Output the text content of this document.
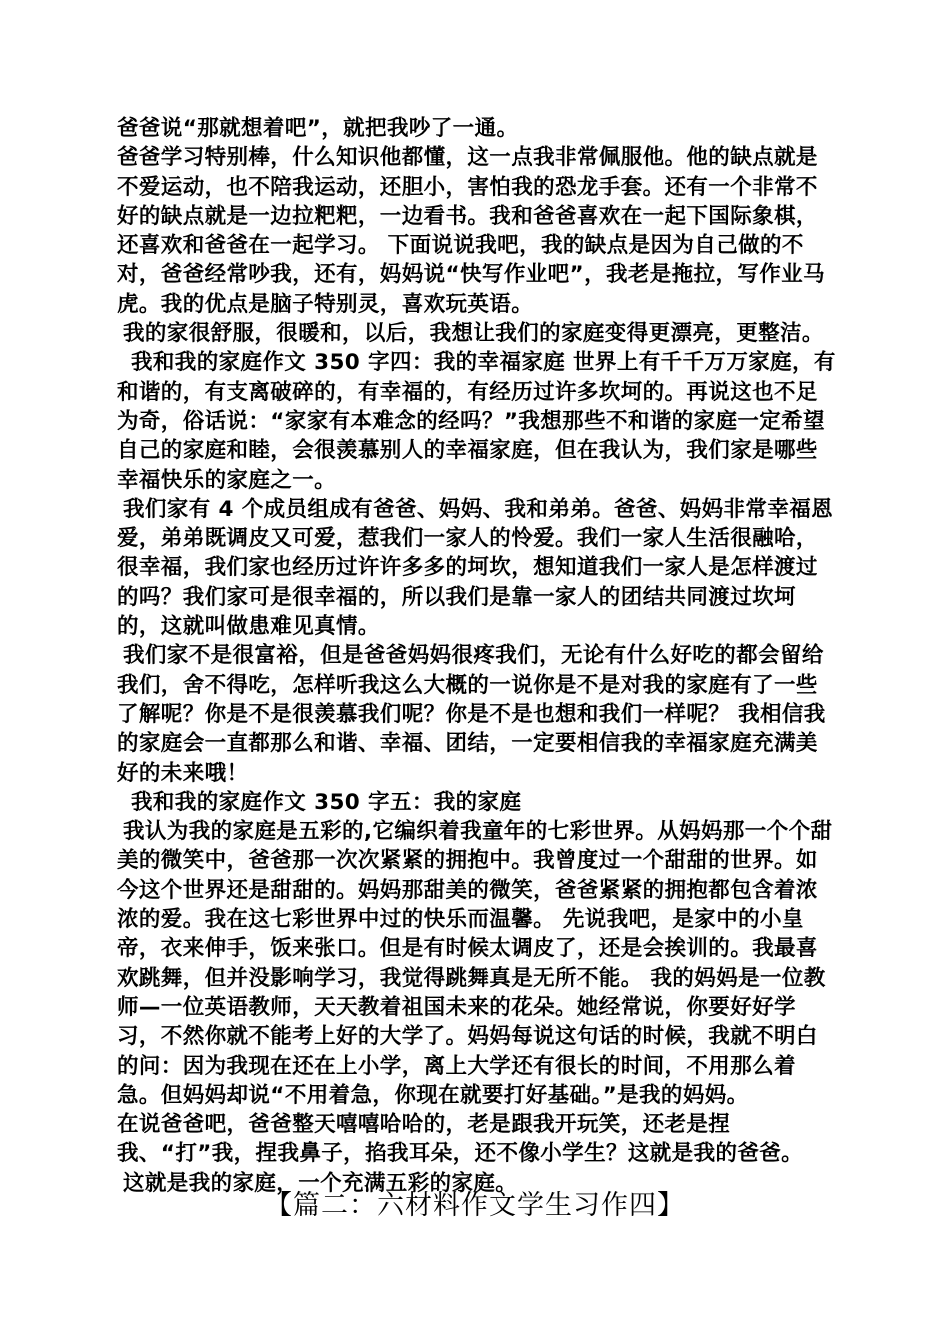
爸爸说“那就想着吧”，就把我吵了一通。

爸爸学习特别棒，什么知识他都懂，这一点我非常佩服他。他的缺点就是不爱运动，也不陪我运动，还胆小，害怕我的恐龙手套。还有一个非常不好的缺点就是一边拉粑粑，一边看书。我和爸爸喜欢在一起下国际象棋，还喜欢和爸爸在一起学习。 下面说说我吧，我的缺点是因为自己做的不对，爸爸经常吵我，还有，妈妈说“快写作业吧”，我老是拖拉，写作业马虎。我的优点是脑子特别灵，喜欢玩英语。

我的家很舒服，很暖和，以后，我想让我们的家庭变得更漂亮，更整洁。

我和我的家庭作文 350 字四：我的幸福家庭 世界上有千千万万家庭，有和谐的，有支离破碎的，有幸福的，有经历过许多坎坷的。再说这也不足为奇，俗话说：“家家有本难念的经吗？”我想那些不和谐的家庭一定希望自己的家庭和睦，会很羡慕别人的幸福家庭，但在我认为，我们家是哪些幸福快乐的家庭之一。

我们家有 4 个成员组成有爸爸、妈妈、我和弟弟。爸爸、妈妈非常幸福恩爱，弟弟既调皮又可爱，惹我们一家人的怜爱。我们一家人生活很融哈，很幸福，我们家也经历过许许多多的坷坎，想知道我们一家人是怎样渡过的吗？我们家可是很幸福的，所以我们是靠一家人的团结共同渡过坎坷的，这就叫做患难见真情。

我们家不是很富裕，但是爸爸妈妈很疼我们，无论有什么好吃的都会留给我们，舍不得吃，怎样听我这么大概的一说你是不是对我的家庭有了一些了解呢？你是不是很羡慕我们呢？你是不是也想和我们一样呢？ 我相信我的家庭会一直都那么和谐、幸福、团结，一定要相信我的幸福家庭充满美好的未来哦！

我和我的家庭作文 350 字五：我的家庭

我认为我的家庭是五彩的,它编织着我童年的七彩世界。从妈妈那一个个甜美的微笑中，爸爸那一次次紧紧的拥抱中。我曾度过一个甜甜的世界。如今这个世界还是甜甜的。妈妈那甜美的微笑，爸爸紧紧的拥抱都包含着浓浓的爱。我在这七彩世界中过的快乐而温馨。 先说我吧，是家中的小皇帝，衣来伸手，饭来张口。但是有时候太调皮了，还是会挨训的。我最喜欢跳舞，但并没影响学习，我觉得跳舞真是无所不能。 我的妈妈是一位教师—一位英语教师，天天教着祖国未来的花朵。她经常说，你要好好学习，不然你就不能考上好的大学了。妈妈每说这句话的时候，我就不明白的问：因为我现在还在上小学，离上大学还有很长的时间，不用那么着急。但妈妈却说“不用着急，你现在就要打好基础。”是我的妈妈。

在说爸爸吧，爸爸整天嘻嘻哈哈的，老是跟我开玩笑，还老是捏我、“打”我，捏我鼻子，掐我耳朵，还不像小学生？这就是我的爸爸。

这就是我的家庭，一个充满五彩的家庭。

【篇二：六材料作文学生习作四】
